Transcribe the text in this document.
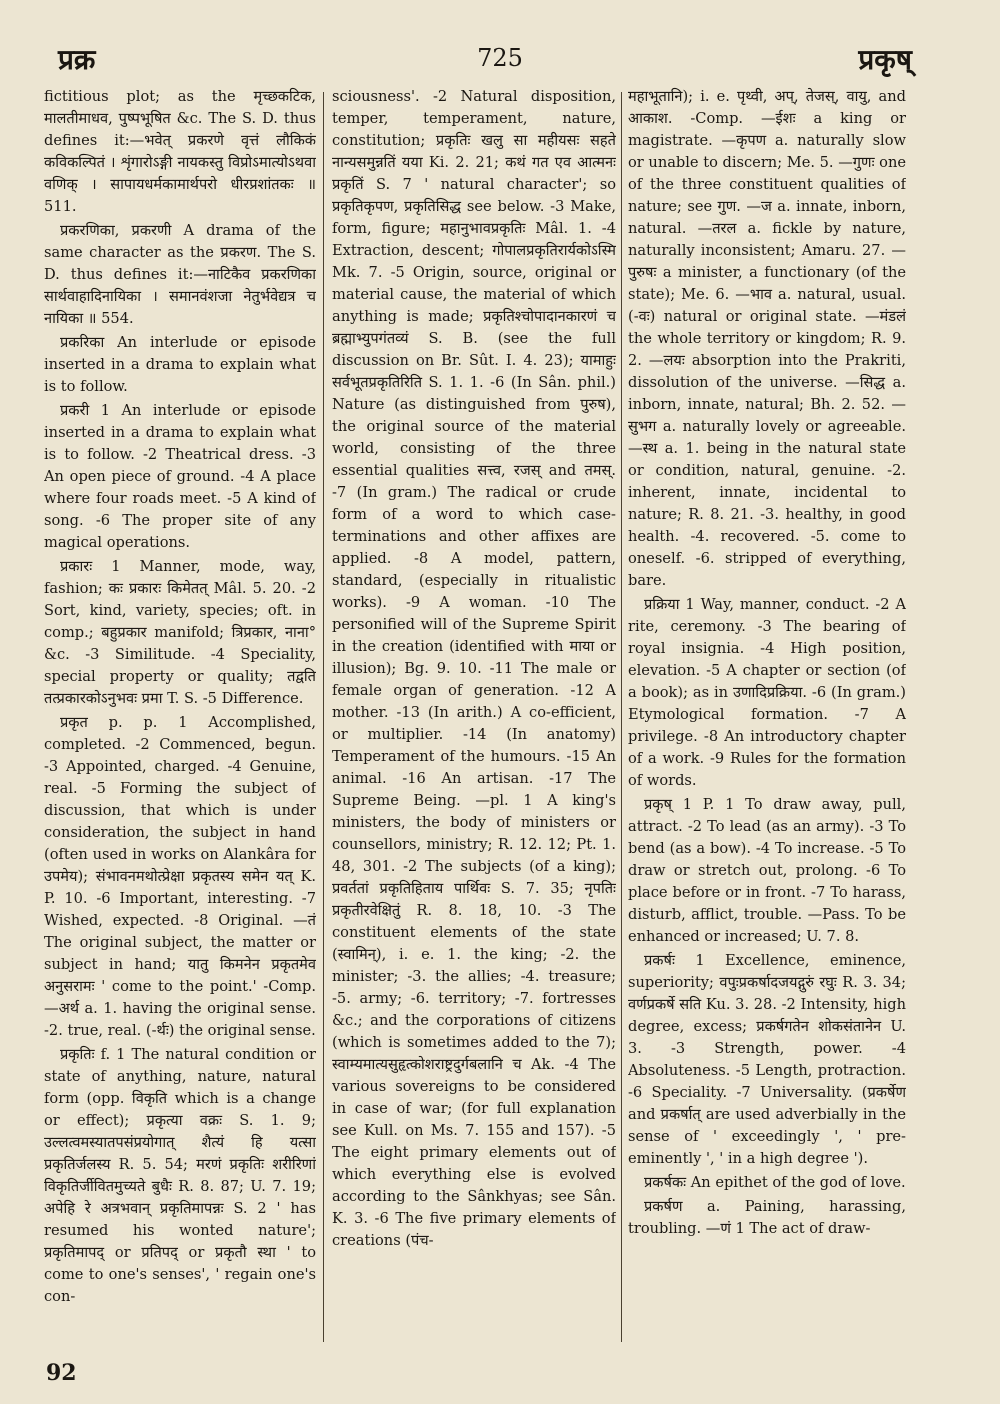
प्रक्र	725	प्रकृष्

fictitious plot; as the मृच्छकटिक, मालतीमाधव, पुष्पभूषित &c. The S. D. thus defines it:—भवेत् प्रकरणे वृत्तं लौकिकं कविकल्पितं । शृंगारोऽङ्गी नायकस्तु विप्रोऽमात्योऽथवा वणिक् । सापायधर्मकामार्थपरो धीरप्रशांतकः ॥ 511.

प्रकरणिका, प्रकरणी A drama of the same character as the प्रकरण. The S. D. thus defines it:—नाटिकैव प्रकरणिका सार्थवाहादिनायिका । समानवंशजा नेतुर्भवेद्यत्र च नायिका ॥ 554.

प्रकरिका An interlude or episode inserted in a drama to explain what is to follow.

प्रकरी 1 An interlude or episode inserted in a drama to explain what is to follow. -2 Theatrical dress. -3 An open piece of ground. -4 A place where four roads meet. -5 A kind of song. -6 The proper site of any magical operations.

प्रकारः 1 Manner, mode, way, fashion; कः प्रकारः किमेतत् Mâl. 5. 20. -2 Sort, kind, variety, species; oft. in comp.; बहुप्रकार manifold; त्रिप्रकार, नाना° &c. -3 Similitude. -4 Speciality, special property or quality; तद्वति तत्प्रकारकोऽनुभवः प्रमा T. S. -5 Difference.

प्रकृत p. p. 1 Accomplished, completed. -2 Commenced, begun. -3 Appointed, charged. -4 Genuine, real. -5 Forming the subject of discussion, that which is under consideration, the subject in hand (often used in works on Alankâra for उपमेय); संभावनमथोत्प्रेक्षा प्रकृतस्य समेन यत् K. P. 10. -6 Important, interesting. -7 Wished, expected. -8 Original. —तं The original subject, the matter or subject in hand; यातु किमनेन प्रकृतमेव अनुसरामः ' come to the point.' -Comp. —अर्थ a. 1. having the original sense. -2. true, real. (-र्थः) the original sense.

प्रकृतिः f. 1 The natural condition or state of anything, nature, natural form (opp. विकृति which is a change or effect); प्रकृत्या वक्रः S. 1. 9; उल्लत्वमस्यातपसंप्रयोगात् शैत्यं हि यत्सा प्रकृतिर्जलस्य R. 5. 54; मरणं प्रकृतिः शरीरिणां विकृतिर्जीवितमुच्यते बुधैः R. 8. 87; U. 7. 19; अपेहि रे अत्रभवान् प्रकृतिमापन्नः S. 2 ' has resumed his wonted nature'; प्रकृतिमापद् or प्रतिपद् or प्रकृतौ स्था ' to come to one's senses', ' regain one's con-

sciousness'. -2 Natural disposition, temper, temperament, nature, constitution; प्रकृतिः खलु सा महीयसः सहते नान्यसमुन्नतिं यया Ki. 2. 21; कथं गत एव आत्मनः प्रकृतिं S. 7 ' natural character'; so प्रकृतिकृपण, प्रकृतिसिद्ध see below. -3 Make, form, figure; महानुभावप्रकृतिः Mâl. 1. -4 Extraction, descent; गोपालप्रकृतिरार्यकोऽस्मि Mk. 7. -5 Origin, source, original or material cause, the material of which anything is made; प्रकृतिश्चोपादानकारणं च ब्रह्माभ्युपगंतव्यं S. B. (see the full discussion on Br. Sût. I. 4. 23); यामाहुः सर्वभूतप्रकृतिरिति S. 1. 1. -6 (In Sân. phil.) Nature (as distinguished from पुरुष), the original source of the material world, consisting of the three essential qualities सत्त्व, रजस् and तमस्. -7 (In gram.) The radical or crude form of a word to which case-terminations and other affixes are applied. -8 A model, pattern, standard, (especially in ritualistic works). -9 A woman. -10 The personified will of the Supreme Spirit in the creation (identified with माया or illusion); Bg. 9. 10. -11 The male or female organ of generation. -12 A mother. -13 (In arith.) A co-efficient, or multiplier. -14 (In anatomy) Temperament of the humours. -15 An animal. -16 An artisan. -17 The Supreme Being. —pl. 1 A king's ministers, the body of ministers or counsellors, ministry; R. 12. 12; Pt. 1. 48, 301. -2 The subjects (of a king); प्रवर्ततां प्रकृतिहिताय पार्थिवः S. 7. 35; नृपतिः प्रकृतीरवेक्षितुं R. 8. 18, 10. -3 The constituent elements of the state (स्वामिन्), i. e. 1. the king; -2. the minister; -3. the allies; -4. treasure; -5. army; -6. territory; -7. fortresses &c.; and the corporations of citizens (which is sometimes added to the 7); स्वाम्यमात्यसुहृत्कोशराष्ट्रदुर्गबलानि च Ak. -4 The various sovereigns to be considered in case of war; (for full explanation see Kull. on Ms. 7. 155 and 157). -5 The eight primary elements out of which everything else is evolved according to the Sânkhyas; see Sân. K. 3. -6 The five primary elements of creations (पंच-

महाभूतानि); i. e. पृथ्वी, अप्, तेजस्, वायु, and आकाश. -Comp. —ईशः a king or magistrate. —कृपण a. naturally slow or unable to discern; Me. 5. —गुणः one of the three constituent qualities of nature; see गुण. —ज a. innate, inborn, natural. —तरल a. fickle by nature, naturally inconsistent; Amaru. 27. —पुरुषः a minister, a functionary (of the state); Me. 6. —भाव a. natural, usual. (-वः) natural or original state. —मंडलं the whole territory or kingdom; R. 9. 2. —लयः absorption into the Prakriti, dissolution of the universe. —सिद्ध a. inborn, innate, natural; Bh. 2. 52. —सुभग a. naturally lovely or agreeable. —स्थ a. 1. being in the natural state or condition, natural, genuine. -2. inherent, innate, incidental to nature; R. 8. 21. -3. healthy, in good health. -4. recovered. -5. come to oneself. -6. stripped of everything, bare.

प्रक्रिया 1 Way, manner, conduct. -2 A rite, ceremony. -3 The bearing of royal insignia. -4 High position, elevation. -5 A chapter or section (of a book); as in उणादिप्रक्रिया. -6 (In gram.) Etymological formation. -7 A privilege. -8 An introductory chapter of a work. -9 Rules for the formation of words.

प्रकृष् 1 P. 1 To draw away, pull, attract. -2 To lead (as an army). -3 To bend (as a bow). -4 To increase. -5 To draw or stretch out, prolong. -6 To place before or in front. -7 To harass, disturb, afflict, trouble. —Pass. To be enhanced or increased; U. 7. 8.

प्रकर्षः 1 Excellence, eminence, superiority; वपुःप्रकर्षादजयद्गुरुं रघुः R. 3. 34; वर्णप्रकर्षे सति Ku. 3. 28. -2 Intensity, high degree, excess; प्रकर्षगतेन शोकसंतानेन U. 3. -3 Strength, power. -4 Absoluteness. -5 Length, protraction. -6 Speciality. -7 Universality. (प्रकर्षेण and प्रकर्षात् are used adverbially in the sense of ' exceedingly ', ' pre-eminently ', ' in a high degree ').

प्रकर्षकः An epithet of the god of love.

प्रकर्षण a. Paining, harassing, troubling. —णं 1 The act of draw-

92
